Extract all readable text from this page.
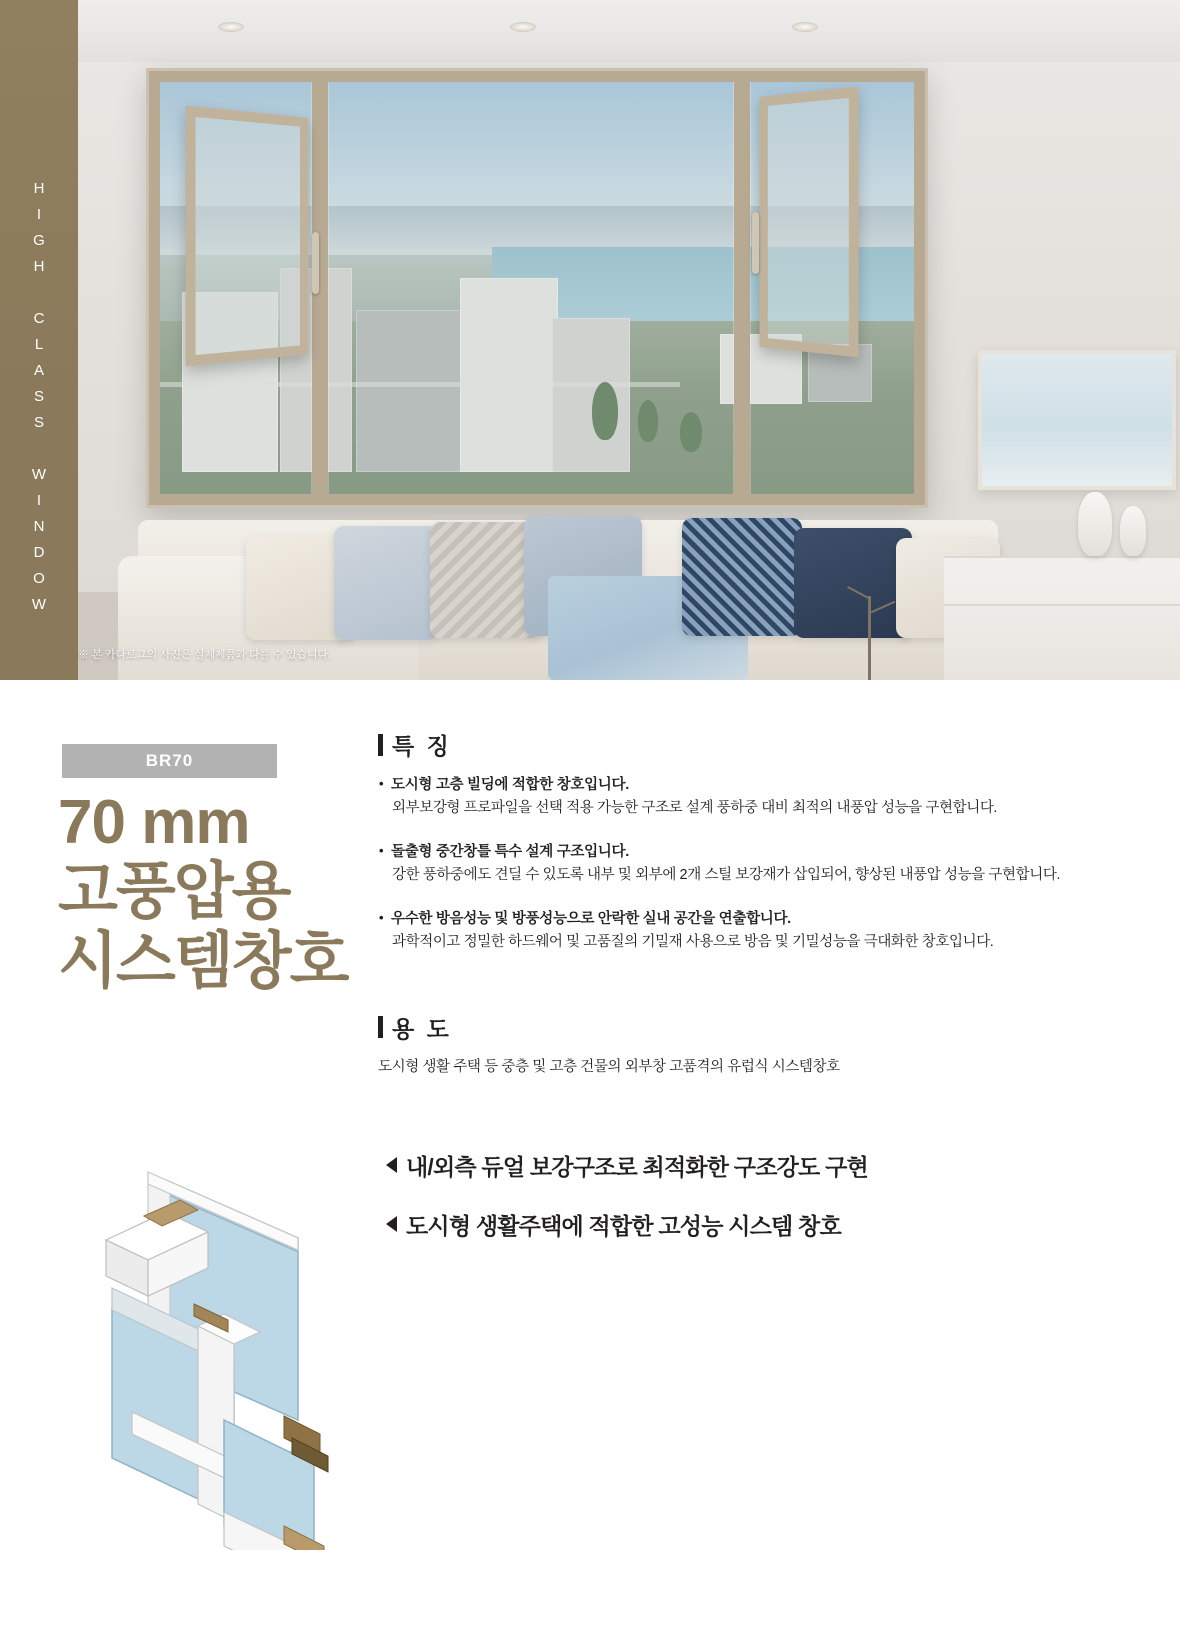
HIGH CLASS WINDOW
※ 본 카다로그의 사진은 실제제품과 다를 수 있습니다.
BR70
70 mm
고풍압용
시스템창호
특 징
• 도시형 고층 빌딩에 적합한 창호입니다.
외부보강형 프로파일을 선택 적용 가능한 구조로 설계 풍하중 대비 최적의 내풍압 성능을 구현합니다.
• 돌출형 중간창틀 특수 설계 구조입니다.
강한 풍하중에도 견딜 수 있도록 내부 및 외부에 2개 스틸 보강재가 삽입되어, 향상된 내풍압 성능을 구현합니다.
• 우수한 방음성능 및 방풍성능으로 안락한 실내 공간을 연출합니다.
과학적이고 정밀한 하드웨어 및 고품질의 기밀재 사용으로 방음 및 기밀성능을 극대화한 창호입니다.
용 도
도시형 생활 주택 등 중층 및 고층 건물의 외부창 고품격의 유럽식 시스템창호
내/외측 듀얼 보강구조로 최적화한 구조강도 구현
도시형 생활주택에 적합한 고성능 시스템 창호
